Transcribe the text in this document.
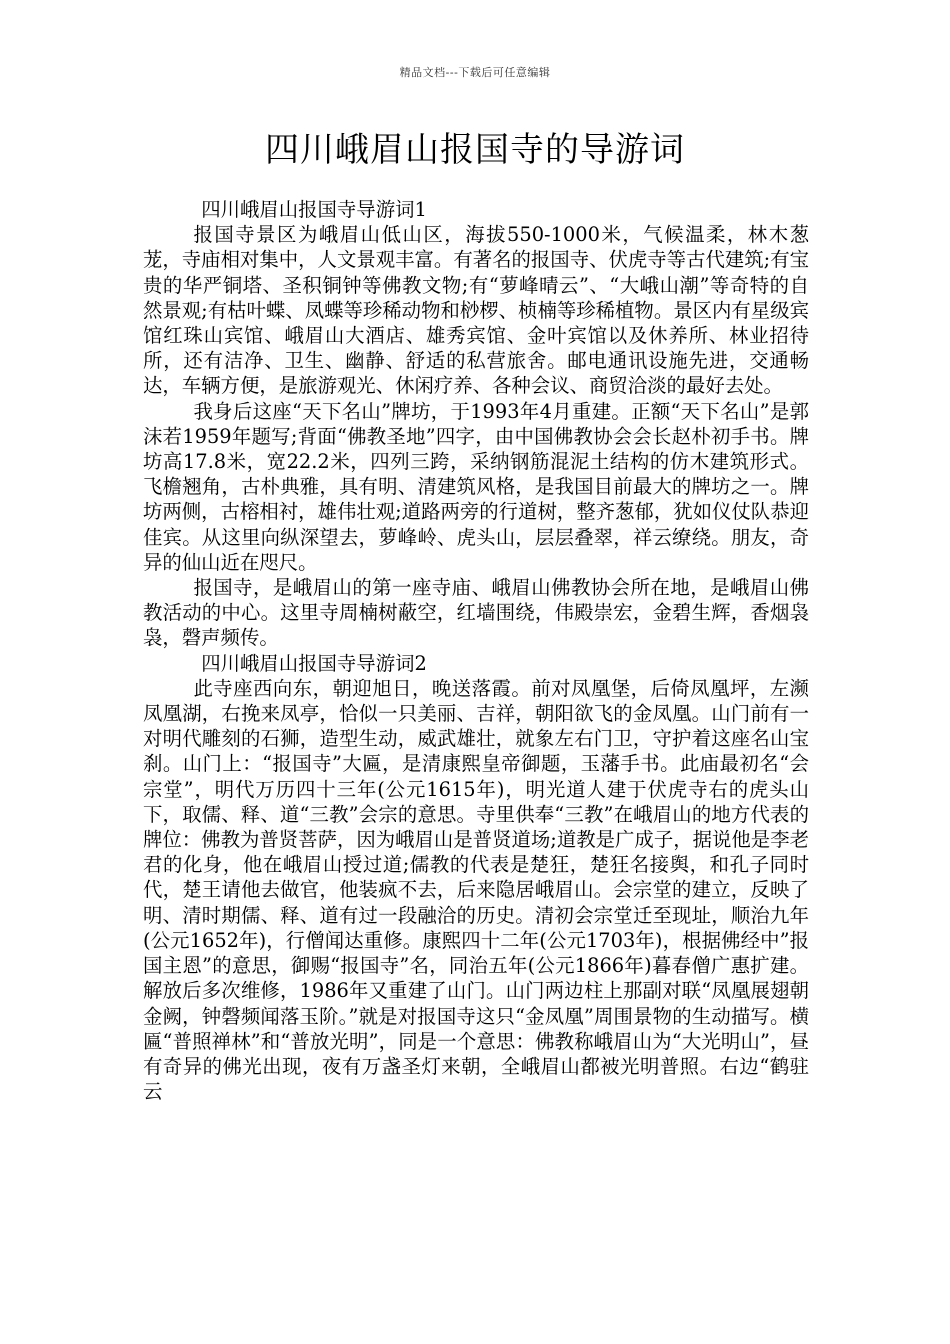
精品文档---下载后可任意编辑
四川峨眉山报国寺的导游词

四川峨眉山报国寺导游词1

报国寺景区为峨眉山低山区，海拔550-1000米，气候温柔，林木葱茏，寺庙相对集中，人文景观丰富。有著名的报国寺、伏虎寺等古代建筑;有宝贵的华严铜塔、圣积铜钟等佛教文物;有“萝峰晴云”、“大峨山潮”等奇特的自然景观;有枯叶蝶、凤蝶等珍稀动物和桫椤、桢楠等珍稀植物。景区内有星级宾馆红珠山宾馆、峨眉山大酒店、雄秀宾馆、金叶宾馆以及休养所、林业招待所，还有洁净、卫生、幽静、舒适的私营旅舍。邮电通讯设施先进，交通畅达，车辆方便，是旅游观光、休闲疗养、各种会议、商贸洽淡的最好去处。

我身后这座“天下名山”牌坊，于1993年4月重建。正额“天下名山”是郭沫若1959年题写;背面“佛教圣地”四字，由中国佛教协会会长赵朴初手书。牌坊高17.8米，宽22.2米，四列三跨，采纳钢筋混泥土结构的仿木建筑形式。飞檐翘角，古朴典雅，具有明、清建筑风格，是我国目前最大的牌坊之一。牌坊两侧，古榕相衬，雄伟壮观;道路两旁的行道树，整齐葱郁，犹如仪仗队恭迎佳宾。从这里向纵深望去，萝峰岭、虎头山，层层叠翠，祥云缭绕。朋友，奇异的仙山近在咫尺。

报国寺，是峨眉山的第一座寺庙、峨眉山佛教协会所在地，是峨眉山佛教活动的中心。这里寺周楠树蔽空，红墙围绕，伟殿崇宏，金碧生辉，香烟袅袅，磬声频传。

四川峨眉山报国寺导游词2

此寺座西向东，朝迎旭日，晚送落霞。前对凤凰堡，后倚凤凰坪，左濒凤凰湖，右挽来凤亭，恰似一只美丽、吉祥，朝阳欲飞的金凤凰。山门前有一对明代雕刻的石狮，造型生动，威武雄壮，就象左右门卫，守护着这座名山宝刹。山门上：“报国寺”大匾，是清康熙皇帝御题，玉藩手书。此庙最初名“会宗堂”，明代万历四十三年(公元1615年)，明光道人建于伏虎寺右的虎头山下，取儒、释、道“三教”会宗的意思。寺里供奉“三教”在峨眉山的地方代表的牌位：佛教为普贤菩萨，因为峨眉山是普贤道场;道教是广成子，据说他是李老君的化身，他在峨眉山授过道;儒教的代表是楚狂，楚狂名接舆，和孔子同时代，楚王请他去做官，他装疯不去，后来隐居峨眉山。会宗堂的建立，反映了明、清时期儒、释、道有过一段融洽的历史。清初会宗堂迁至现址，顺治九年(公元1652年)，行僧闻达重修。康熙四十二年(公元1703年)，根据佛经中”报国主恩”的意思，御赐“报国寺”名，同治五年(公元1866年)暮春僧广惠扩建。解放后多次维修，1986年又重建了山门。山门两边柱上那副对联“凤凰展翅朝金阙，钟磬频闻落玉阶。”就是对报国寺这只“金凤凰”周围景物的生动描写。横匾“普照禅林”和“普放光明”，同是一个意思：佛教称峨眉山为“大光明山”，昼有奇异的佛光出现，夜有万盏圣灯来朝，全峨眉山都被光明普照。右边“鹤驻云
